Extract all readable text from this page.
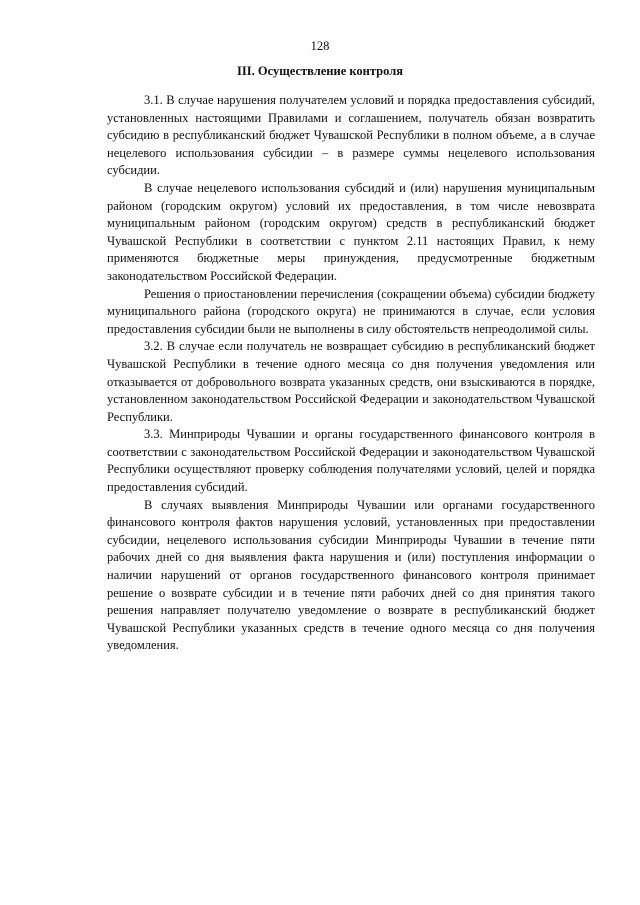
128
III. Осуществление контроля

3.1. В случае нарушения получателем условий и порядка предоставления субсидий, установленных настоящими Правилами и соглашением, получатель обязан возвратить субсидию в республиканский бюджет Чувашской Республики в полном объеме, а в случае нецелевого использования субсидии – в размере суммы нецелевого использования субсидии.

В случае нецелевого использования субсидий и (или) нарушения муниципальным районом (городским округом) условий их предоставления, в том числе невозврата муниципальным районом (городским округом) средств в республиканский бюджет Чувашской Республики в соответствии с пунктом 2.11 настоящих Правил, к нему применяются бюджетные меры принуждения, предусмотренные бюджетным законодательством Российской Федерации.

Решения о приостановлении перечисления (сокращении объема) субсидии бюджету муниципального района (городского округа) не принимаются в случае, если условия предоставления субсидии были не выполнены в силу обстоятельств непреодолимой силы.

3.2. В случае если получатель не возвращает субсидию в республиканский бюджет Чувашской Республики в течение одного месяца со дня получения уведомления или отказывается от добровольного возврата указанных средств, они взыскиваются в порядке, установленном законодательством Российской Федерации и законодательством Чувашской Республики.

3.3. Минприроды Чувашии и органы государственного финансового контроля в соответствии с законодательством Российской Федерации и законодательством Чувашской Республики осуществляют проверку соблюдения получателями условий, целей и порядка предоставления субсидий.

В случаях выявления Минприроды Чувашии или органами государственного финансового контроля фактов нарушения условий, установленных при предоставлении субсидии, нецелевого использования субсидии Минприроды Чувашии в течение пяти рабочих дней со дня выявления факта нарушения и (или) поступления информации о наличии нарушений от органов государственного финансового контроля принимает решение о возврате субсидии и в течение пяти рабочих дней со дня принятия такого решения направляет получателю уведомление о возврате в республиканский бюджет Чувашской Республики указанных средств в течение одного месяца со дня получения уведомления.
